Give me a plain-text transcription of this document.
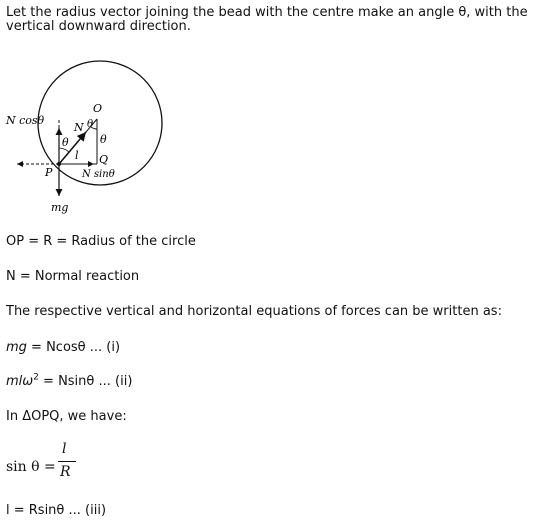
Let the radius vector joining the bead with the centre make an angle θ, with the
vertical downward direction.
N cosθ
O
N θ
θ
θ
l Q
P	N sinθ
mg
OP = R = Radius of the circle
N = Normal reaction
The respective vertical and horizontal equations of forces can be written as:
mg = Ncosθ ... (i)
mlω$^2$ = Nsinθ ... (ii)
In ΔOPQ, we have:
sin θ =
l
R
l = Rsinθ ... (iii)
